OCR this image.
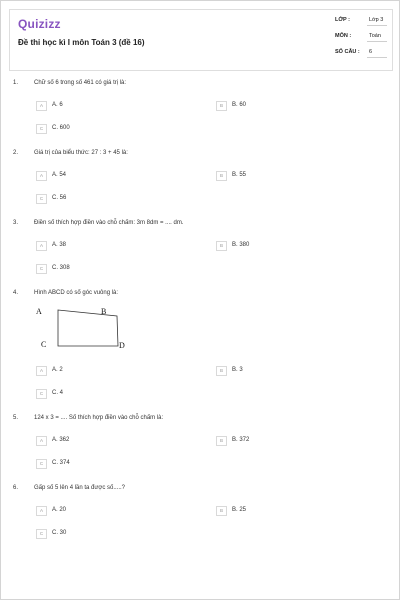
Quizizz
Đề thi học kì I môn Toán 3 (đề 16)
LỚP :	Lớp 3
MÔN :	Toán
SỐ CÂU : 6
1.	Chữ số 6 trong số 461 có giá trị là:
A	A. 6	B	B. 60
C	C. 600
2.	Giá trị của biểu thức: 27 : 3 + 45 là:
A	A. 54	B	B. 55
C	C. 56
3.	Điền số thích hợp điền vào chỗ chấm: 3m 8dm = .... dm.
A	A. 38	B	B. 380
C	C. 308
4.	Hình ABCD có số góc vuông là:
A	A. 2	B	B. 3
C	C. 4
A	B
C	D
5.	124 x 3 = .... Số thích hợp điền vào chỗ chấm là:
A	A. 362	B	B. 372
C	C. 374
6.	Gấp số 5 lên 4 lần ta được số.....?
A	A. 20	B	B. 25
C	C. 30
